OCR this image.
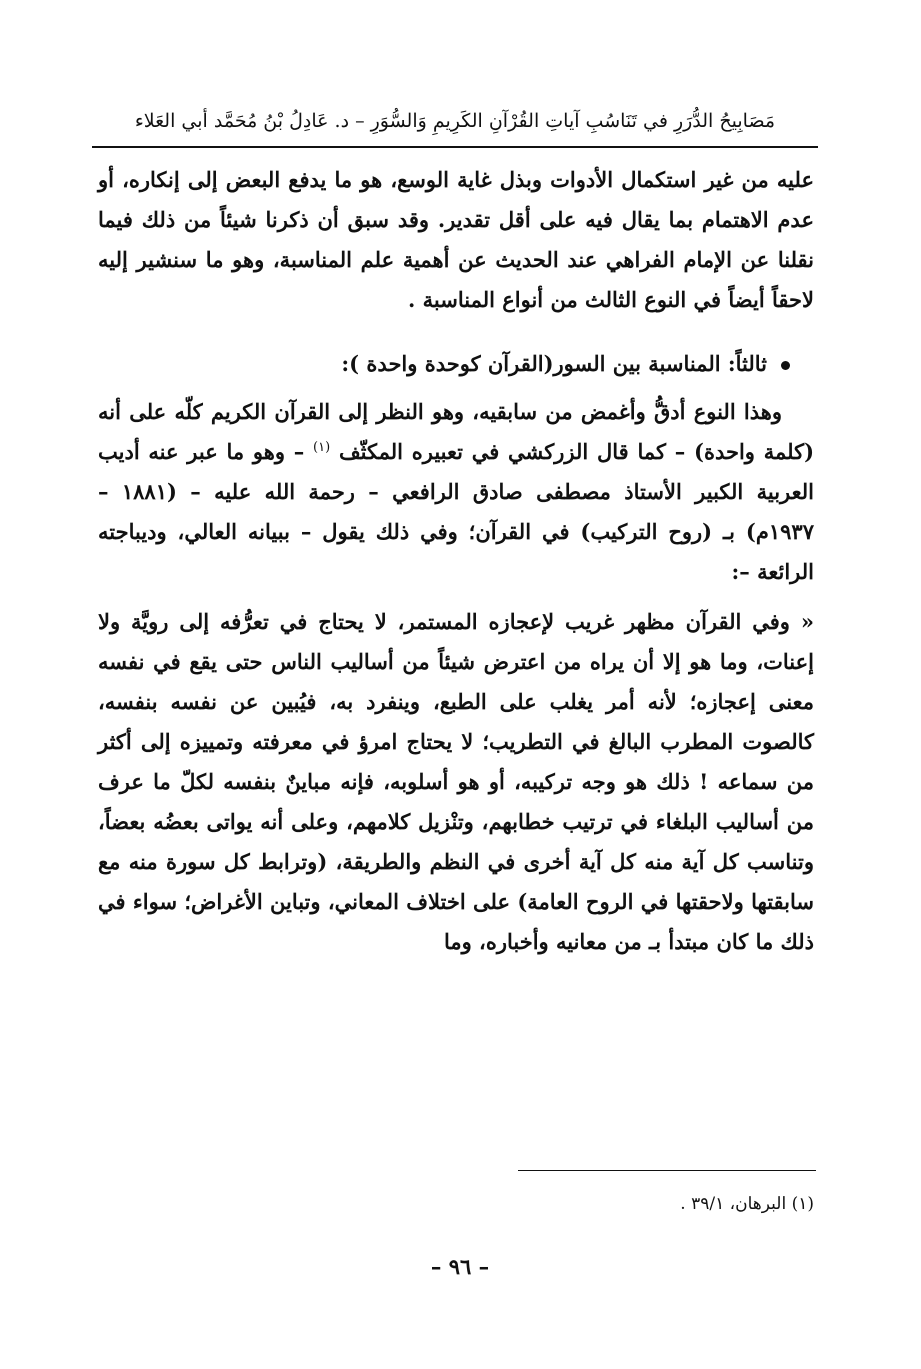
مَصَابِيحُ الدُّرَرِ في تَنَاسُبِ آياتِ القُرْآنِ الكَرِيمِ وَالسُّوَرِ – د. عَادِلُ بْنُ مُحَمَّد أبي العَلاء

عليه من غير استكمال الأدوات وبذل غاية الوسع، هو ما يدفع البعض إلى إنكاره، أو عدم الاهتمام بما يقال فيه على أقل تقدير. وقد سبق أن ذكرنا شيئاً من ذلك فيما نقلنا عن الإمام الفراهي عند الحديث عن أهمية علم المناسبة، وهو ما سنشير إليه لاحقاً أيضاً في النوع الثالث من أنواع المناسبة .

ثالثاً: المناسبة بين السور(القرآن كوحدة واحدة ):

وهذا النوع أدقُّ وأغمض من سابقيه، وهو النظر إلى القرآن الكريم كلّه على أنه (كلمة واحدة) – كما قال الزركشي في تعبيره المكثّف $^{(١)}$ – وهو ما عبر عنه أديب العربية الكبير الأستاذ مصطفى صادق الرافعي – رحمة الله عليه – (١٨٨١ – ١٩٣٧م) بـ (روح التركيب) في القرآن؛ وفي ذلك يقول – ببيانه العالي، وديباجته الرائعة –:

« وفي القرآن مظهر غريب لإعجازه المستمر، لا يحتاج في تعرُّفه إلى رويَّة ولا إعنات، وما هو إلا أن يراه من اعترض شيئاً من أساليب الناس حتى يقع في نفسه معنى إعجازه؛ لأنه أمر يغلب على الطبع، وينفرد به، فيُبين عن نفسه بنفسه، كالصوت المطرب البالغ في التطريب؛ لا يحتاج امرؤ في معرفته وتمييزه إلى أكثر من سماعه ! ذلك هو وجه تركيبه، أو هو أسلوبه، فإنه مباينٌ بنفسه لكلّ ما عرف من أساليب البلغاء في ترتيب خطابهم، وتنْزيل كلامهم، وعلى أنه يواتى بعضُه بعضاً، وتناسب كل آية منه كل آية أخرى في النظم والطريقة، (وترابط كل سورة منه مع سابقتها ولاحقتها في الروح العامة) على اختلاف المعاني، وتباين الأغراض؛ سواء في ذلك ما كان مبتدأ بـ من معانيه وأخباره، وما

(١) البرهان، ٣٩/١ .
– ٩٦ –
